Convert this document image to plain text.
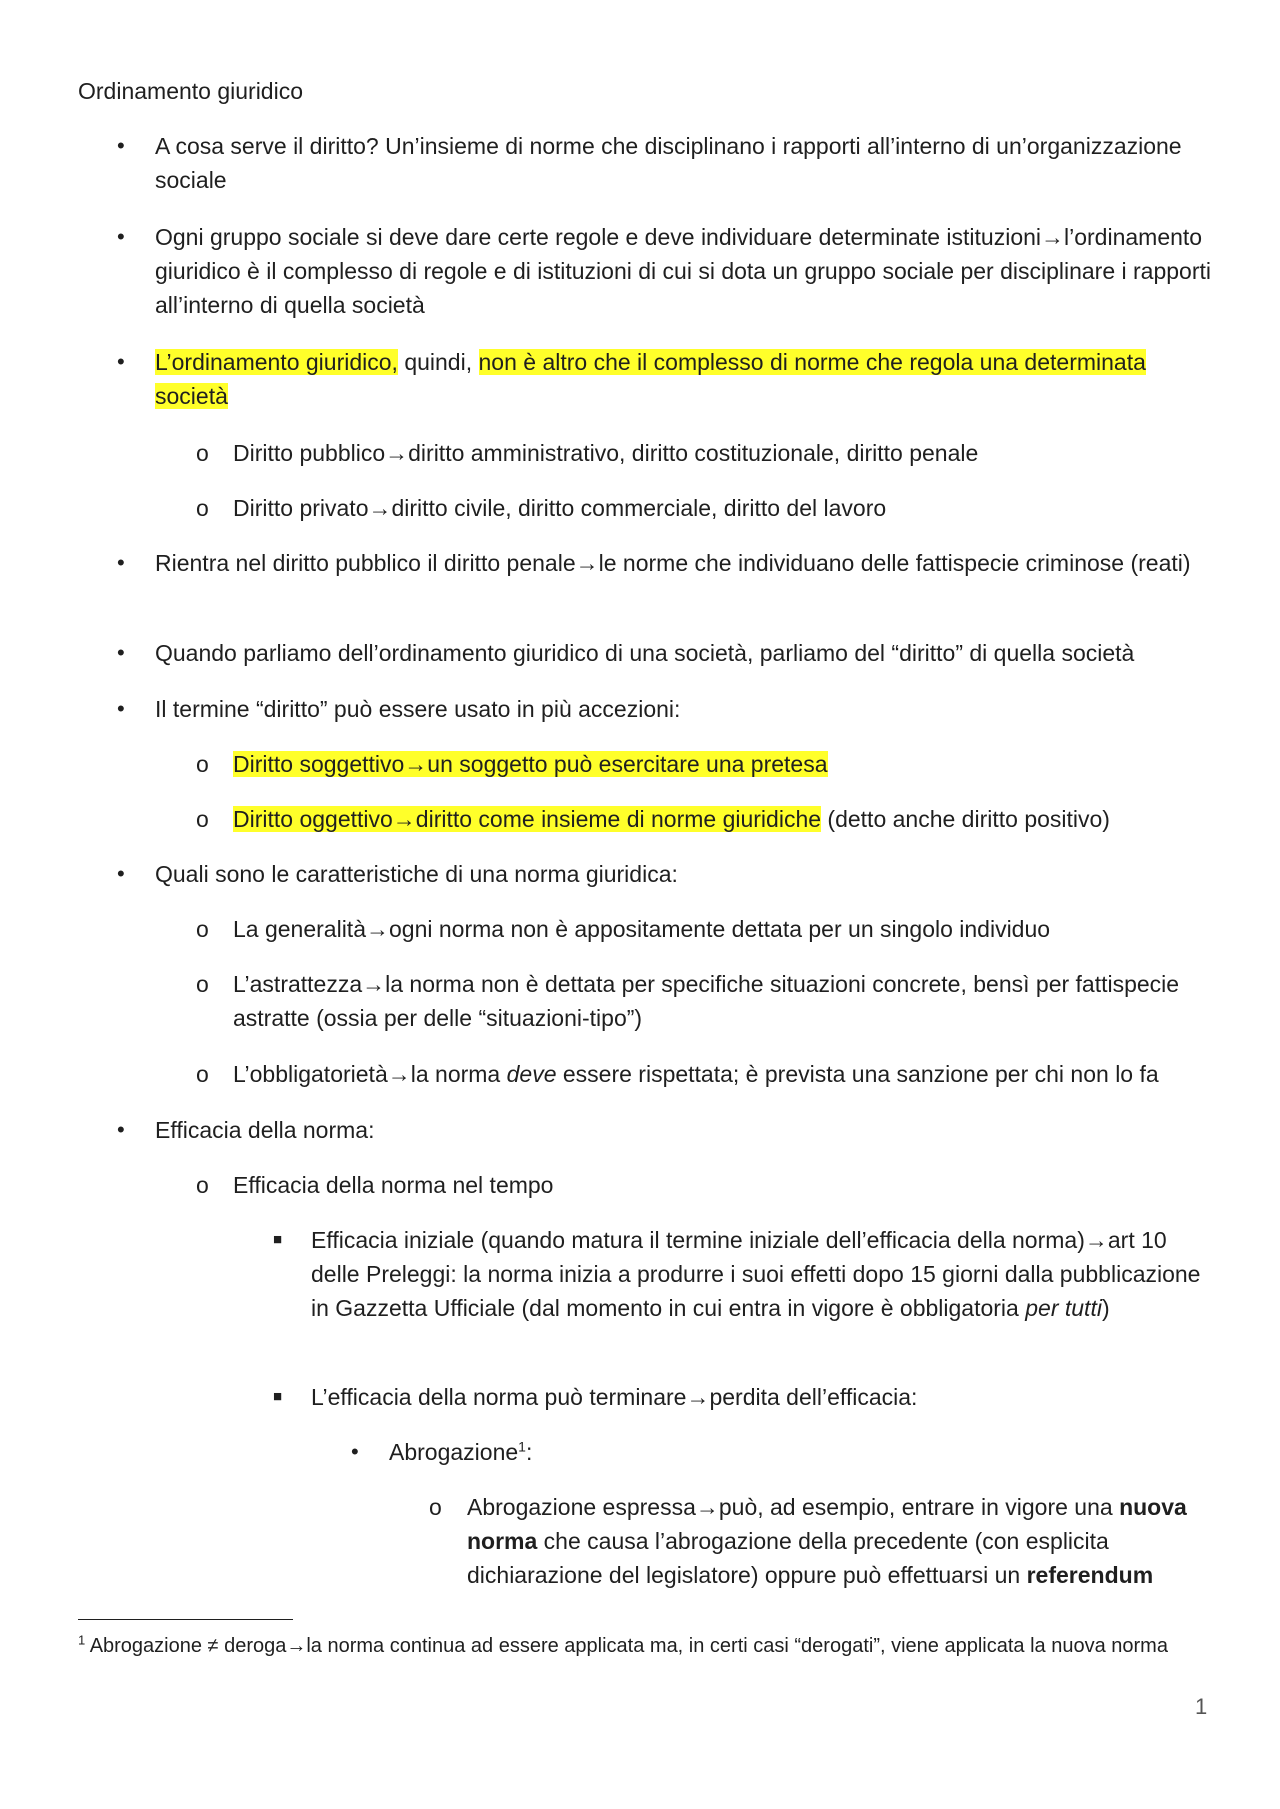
Ordinamento giuridico
• A cosa serve il diritto? Un’insieme di norme che disciplinano i rapporti all’interno di un’organizzazione sociale
• Ogni gruppo sociale si deve dare certe regole e deve individuare determinate istituzioni→l’ordinamento giuridico è il complesso di regole e di istituzioni di cui si dota un gruppo sociale per disciplinare i rapporti all’interno di quella società
• L’ordinamento giuridico, quindi, non è altro che il complesso di norme che regola una determinata società
o Diritto pubblico→diritto amministrativo, diritto costituzionale, diritto penale
o Diritto privato→diritto civile, diritto commerciale, diritto del lavoro
• Rientra nel diritto pubblico il diritto penale→le norme che individuano delle fattispecie criminose (reati)
• Quando parliamo dell’ordinamento giuridico di una società, parliamo del “diritto” di quella società
• Il termine “diritto” può essere usato in più accezioni:
o Diritto soggettivo→un soggetto può esercitare una pretesa
o Diritto oggettivo→diritto come insieme di norme giuridiche (detto anche diritto positivo)
• Quali sono le caratteristiche di una norma giuridica:
o La generalità→ogni norma non è appositamente dettata per un singolo individuo
o L’astrattezza→la norma non è dettata per specifiche situazioni concrete, bensì per fattispecie astratte (ossia per delle “situazioni-tipo”)
o L’obbligatorietà→la norma deve essere rispettata; è prevista una sanzione per chi non lo fa
• Efficacia della norma:
o Efficacia della norma nel tempo
■ Efficacia iniziale (quando matura il termine iniziale dell’efficacia della norma)→art 10 delle Preleggi: la norma inizia a produrre i suoi effetti dopo 15 giorni dalla pubblicazione in Gazzetta Ufficiale (dal momento in cui entra in vigore è obbligatoria per tutti)
■ L’efficacia della norma può terminare→perdita dell’efficacia:
• Abrogazione$^1$:
o Abrogazione espressa→può, ad esempio, entrare in vigore una nuova norma che causa l’abrogazione della precedente (con esplicita dichiarazione del legislatore) oppure può effettuarsi un referendum
$^1$ Abrogazione ≠ deroga→la norma continua ad essere applicata ma, in certi casi “derogati”, viene applicata la nuova norma
1
